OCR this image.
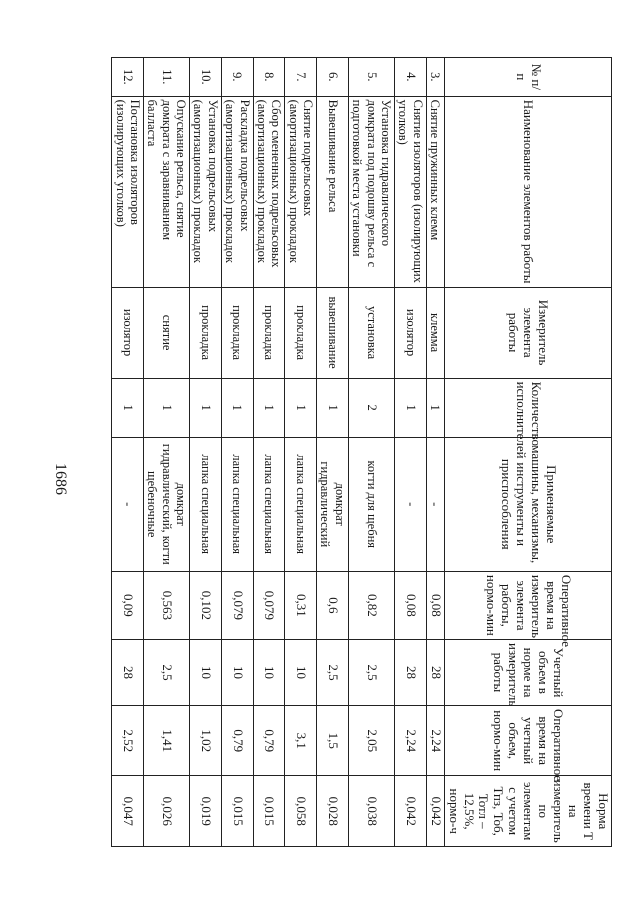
1686
№ п/п	Наименование элементов работы	Измеритель элемента работы	Количество исполнителей	Применяемые машины, механизмы, инструменты и приспособления	Оперативное время на измеритель элемента работы, нормо-мин	Учетный объем в норме на измеритель работы	Оперативное время на учетный объем, нормо-мин	Норма времени Т на измеритель по элементам с учетом Тпз, Тоб, Тотл – 12,5%, нормо-ч
3.	Снятие пружинных клемм	клемма	1	-	0,08	28	2,24	0,042
4.	Снятие изоляторов (изолирующих уголков)	изолятор	1	-	0,08	28	2,24	0,042
5.	Установка гидравлического домкрата под подошву рельса с подготовкой места установки	установка	2	когти для щебня	0,82	2,5	2,05	0,038
6.	Вывешивание рельса	вывешивание	1	домкрат гидравлический	0,6	2,5	1,5	0,028
7.	Снятие подрельсовых (амортизационных) прокладок	прокладка	1	лапка специальная	0,31	10	3,1	0,058
8.	Сбор смененных подрельсовых (амортизационных) прокладок	прокладка	1	лапка специальная	0,079	10	0,79	0,015
9.	Раскладка подрельсовых (амортизационных) прокладок	прокладка	1	лапка специальная	0,079	10	0,79	0,015
10.	Установка подрельсовых (амортизационных) прокладок	прокладка	1	лапка специальная	0,102	10	1,02	0,019
11.	Опускание рельса, снятие домкрата с заравниванием балласта	снятие	1	домкрат гидравлический, когти щебеночные	0,563	2,5	1,41	0,026
12.	Постановка изоляторов (изолирующих уголков)	изолятор	1	-	0,09	28	2,52	0,047
